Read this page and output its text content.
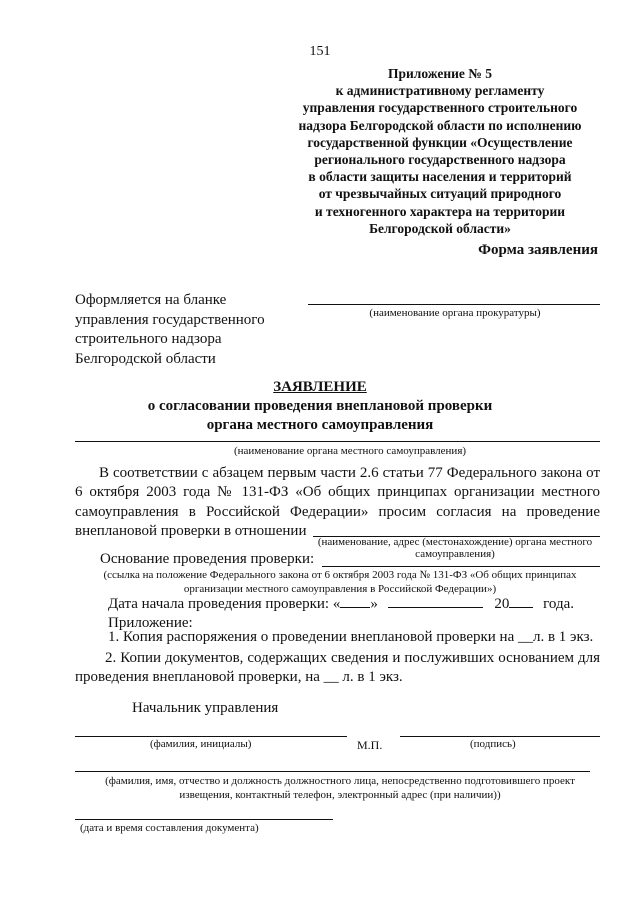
151
Приложение № 5
к административному регламенту
управления государственного строительного
надзора Белгородской области по исполнению
государственной функции «Осуществление
регионального государственного надзора
в области защиты населения и территорий
от чрезвычайных ситуаций природного
и техногенного характера на территории
Белгородской области»
Форма заявления
Оформляется на бланке
управления государственного
строительного надзора
Белгородской области
(наименование органа прокуратуры)
ЗАЯВЛЕНИЕ
о согласовании проведения внеплановой проверки
органа местного самоуправления
(наименование органа местного самоуправления)
В соответствии с абзацем первым части 2.6 статьи 77 Федерального закона от 6 октября 2003 года № 131-ФЗ «Об общих принципах организации местного самоуправления в Российской Федерации» просим согласия на проведение внеплановой проверки в отношении
(наименование, адрес (местонахождение) органа местного самоуправления)
Основание проведения проверки:
(ссылка на положение Федерального закона от 6 октября 2003 года № 131-ФЗ «Об общих принципах
организации местного самоуправления в Российской Федерации»)
Дата начала проведения проверки: « »	20 года.
Приложение:
1. Копия распоряжения о проведении внеплановой проверки на __л. в 1 экз.
2. Копии документов, содержащих сведения и послуживших основанием для проведения внеплановой проверки, на __ л. в 1 экз.
Начальник управления
(фамилия, инициалы)	М.П.	(подпись)
(фамилия, имя, отчество и должность должностного лица, непосредственно подготовившего проект
извещения, контактный телефон, электронный адрес (при наличии))
(дата и время составления документа)
